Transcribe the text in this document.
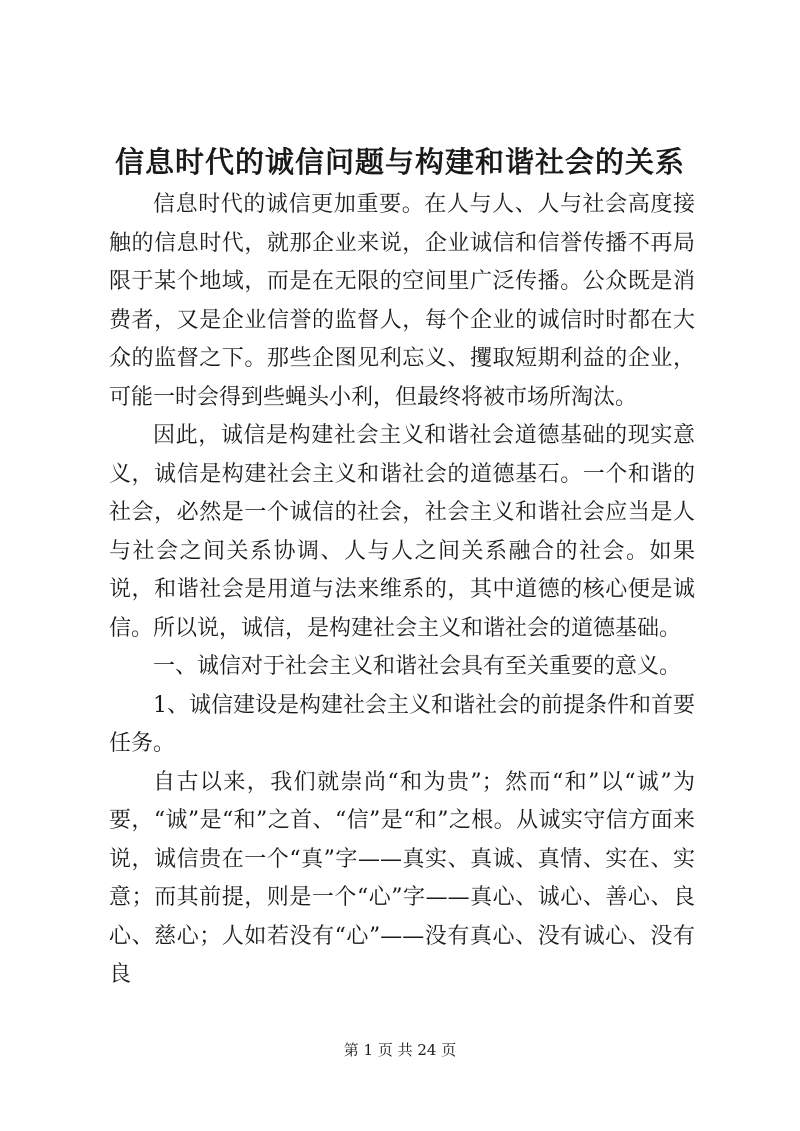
信息时代的诚信问题与构建和谐社会的关系

信息时代的诚信更加重要。在人与人、人与社会高度接触的信息时代，就那企业来说，企业诚信和信誉传播不再局限于某个地域，而是在无限的空间里广泛传播。公众既是消费者，又是企业信誉的监督人，每个企业的诚信时时都在大众的监督之下。那些企图见利忘义、攫取短期利益的企业，可能一时会得到些蝇头小利，但最终将被市场所淘汰。

因此，诚信是构建社会主义和谐社会道德基础的现实意义，诚信是构建社会主义和谐社会的道德基石。一个和谐的社会，必然是一个诚信的社会，社会主义和谐社会应当是人与社会之间关系协调、人与人之间关系融合的社会。如果说，和谐社会是用道与法来维系的，其中道德的核心便是诚信。所以说，诚信，是构建社会主义和谐社会的道德基础。

一、诚信对于社会主义和谐社会具有至关重要的意义。

1、诚信建设是构建社会主义和谐社会的前提条件和首要任务。

自古以来，我们就崇尚“和为贵”；然而“和”以“诚”为要，“诚”是“和”之首、“信”是“和”之根。从诚实守信方面来说，诚信贵在一个“真”字——真实、真诚、真情、实在、实意；而其前提，则是一个“心”字——真心、诚心、善心、良心、慈心；人如若没有“心”——没有真心、没有诚心、没有良

第 1 页 共 24 页
